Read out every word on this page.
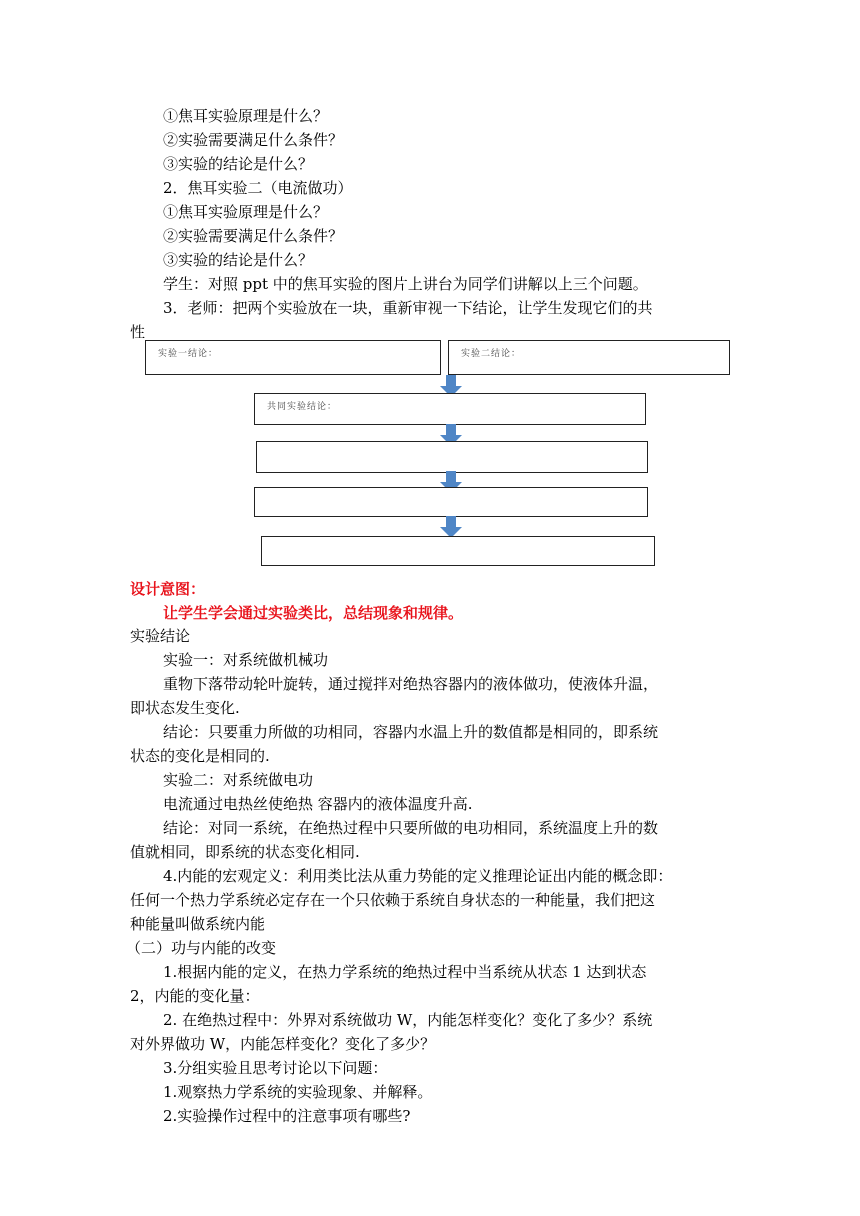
①焦耳实验原理是什么？
②实验需要满足什么条件？
③实验的结论是什么？
2．焦耳实验二（电流做功）
①焦耳实验原理是什么？
②实验需要满足什么条件？
③实验的结论是什么？
学生：对照 ppt 中的焦耳实验的图片上讲台为同学们讲解以上三个问题。
3．老师：把两个实验放在一块，重新审视一下结论，让学生发现它们的共
性
实验一结论：	实验二结论：
共同实验结论：
设计意图：
让学生学会通过实验类比，总结现象和规律。
实验结论
实验一：对系统做机械功
重物下落带动轮叶旋转，通过搅拌对绝热容器内的液体做功，使液体升温，
即状态发生变化.
结论：只要重力所做的功相同，容器内水温上升的数值都是相同的，即系统
状态的变化是相同的.
实验二：对系统做电功
电流通过电热丝使绝热 容器内的液体温度升高.
结论：对同一系统，在绝热过程中只要所做的电功相同，系统温度上升的数
值就相同，即系统的状态变化相同.
4.内能的宏观定义：利用类比法从重力势能的定义推理论证出内能的概念即：
任何一个热力学系统必定存在一个只依赖于系统自身状态的一种能量，我们把这
种能量叫做系统内能
（二）功与内能的改变
1.根据内能的定义，在热力学系统的绝热过程中当系统从状态 1 达到状态
2，内能的变化量：
2. 在绝热过程中：外界对系统做功 W，内能怎样变化？变化了多少？系统
对外界做功 W，内能怎样变化？变化了多少？
3.分组实验且思考讨论以下问题：
1.观察热力学系统的实验现象、并解释。
2.实验操作过程中的注意事项有哪些?
